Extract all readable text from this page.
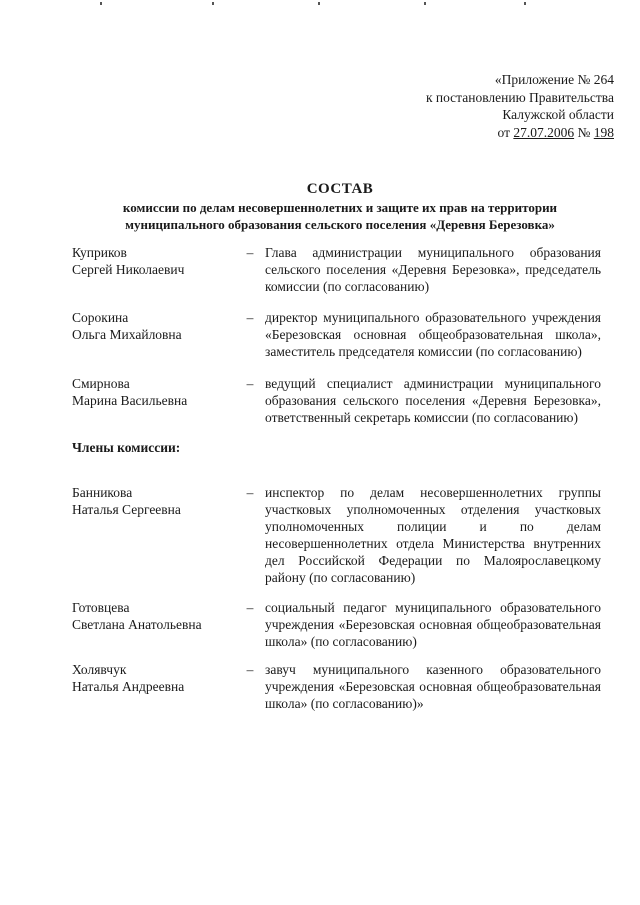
«Приложение № 264
к постановлению Правительства
Калужской области
от 27.07.2006 № 198
СОСТАВ
комиссии по делам несовершеннолетних и защите их прав на территории
муниципального образования сельского поселения «Деревня Березовка»
Куприков
Сергей Николаевич
– Глава администрации муниципального образования сельского поселения «Деревня Березовка», председатель комиссии (по согласованию)
Сорокина
Ольга Михайловна
– директор муниципального образовательного учреждения «Березовская основная общеобразовательная школа», заместитель председателя комиссии (по согласованию)
Смирнова
Марина Васильевна
– ведущий специалист администрации муниципального образования сельского поселения «Деревня Березовка», ответственный секретарь комиссии (по согласованию)
Члены комиссии:
Банникова
Наталья Сергеевна
– инспектор по делам несовершеннолетних группы участковых уполномоченных отделения участковых уполномоченных полиции и по делам несовершеннолетних отдела Министерства внутренних дел Российской Федерации по Малоярославецкому району (по согласованию)
Готовцева
Светлана Анатольевна
– социальный педагог муниципального образовательного учреждения «Березовская основная общеобразовательная школа» (по согласованию)
Холявчук
Наталья Андреевна
– завуч муниципального казенного образовательного учреждения «Березовская основная общеобразовательная школа» (по согласованию)»
